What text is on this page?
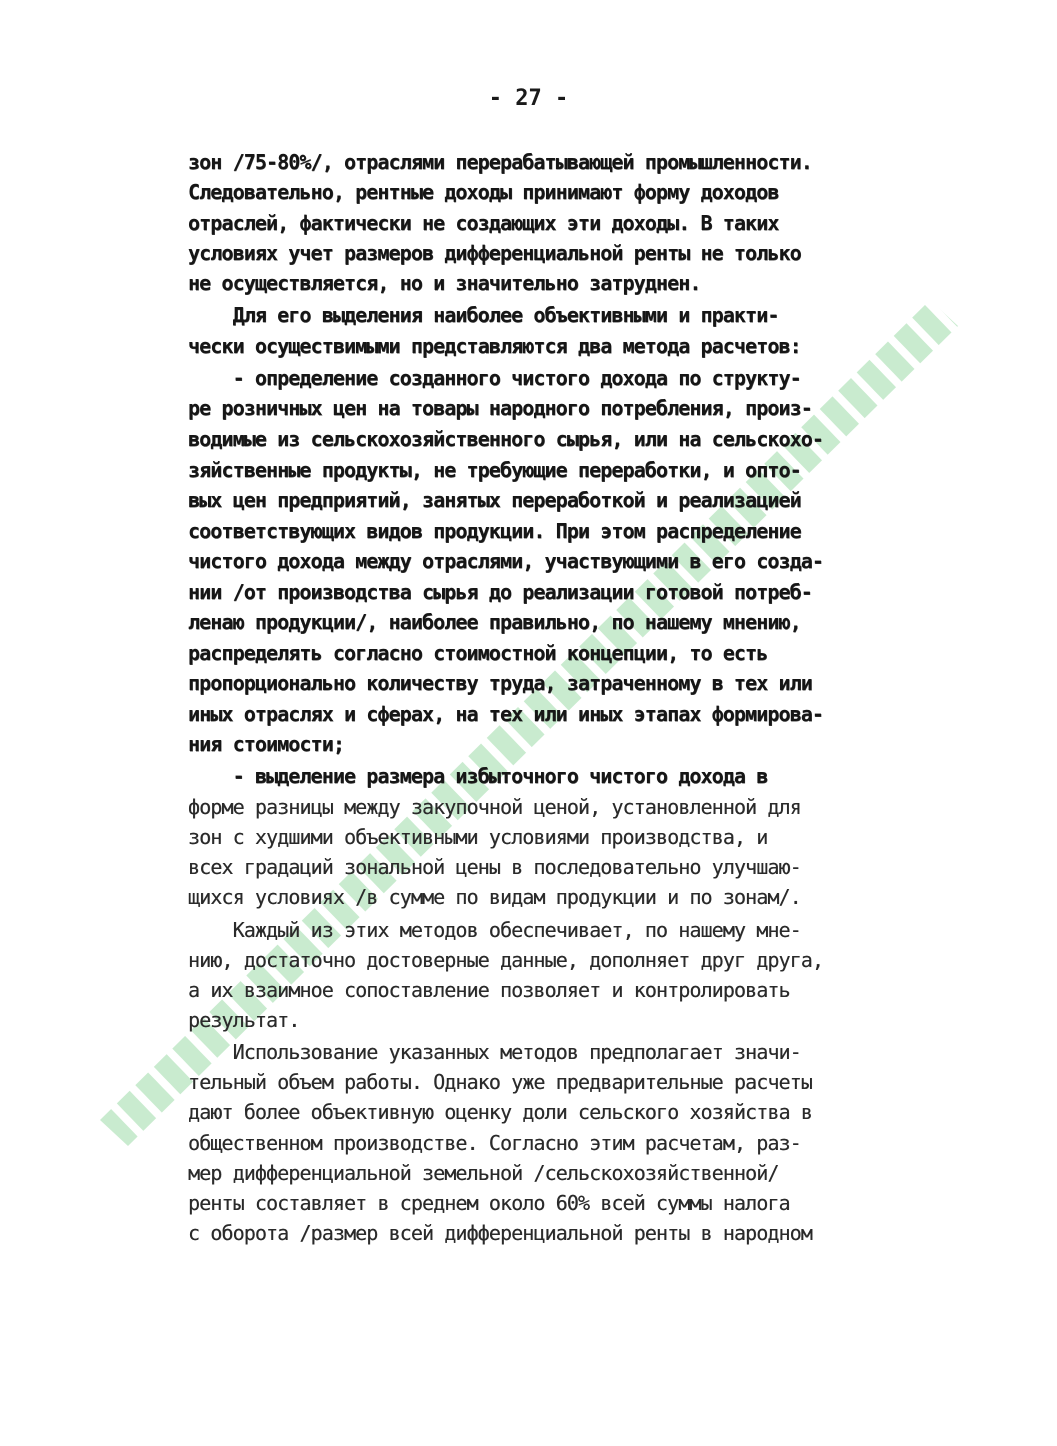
- 27 -
зон /75-80%/, отраслями перерабатывающей промышленности.
Следовательно, рентные доходы принимают форму доходов
отраслей, фактически не создающих эти доходы. В таких
условиях учет размеров дифференциальной ренты не только
не осуществляется, но и значительно затруднен.
Для его выделения наиболее объективными и практи-
чески осуществимыми представляются два метода расчетов:
- определение созданного чистого дохода по структу-
ре розничных цен на товары народного потребления, произ-
водимые из сельскохозяйственного сырья, или на сельскохо-
зяйственные продукты, не требующие переработки, и опто-
вых цен предприятий, занятых переработкой и реализацией
соответствующих видов продукции. При этом распределение
чистого дохода между отраслями, участвующими в его созда-
нии /от производства сырья до реализации готовой потреб-
ленаю продукции/, наиболее правильно, по нашему мнению,
распределять согласно стоимостной концепции, то есть
пропорционально количеству труда, затраченному в тех или
иных отраслях и сферах, на тех или иных этапах формирова-
ния стоимости;
- выделение размера избыточного чистого дохода в
форме разницы между закупочной ценой, установленной для
зон с худшими объективными условиями производства, и
всех градаций зональной цены в последовательно улучшаю-
щихся условиях /в сумме по видам продукции и по зонам/.
Каждый из этих методов обеспечивает, по нашему мне-
нию, достаточно достоверные данные, дополняет друг друга,
а их взаимное сопоставление позволяет и контролировать
результат.
Использование указанных методов предполагает значи-
тельный объем работы. Однако уже предварительные расчеты
дают более объективную оценку доли сельского хозяйства в
общественном производстве. Согласно этим расчетам, раз-
мер дифференциальной земельной /сельскохозяйственной/
ренты составляет в среднем около 60% всей суммы налога
с оборота /размер всей дифференциальной ренты в народном
